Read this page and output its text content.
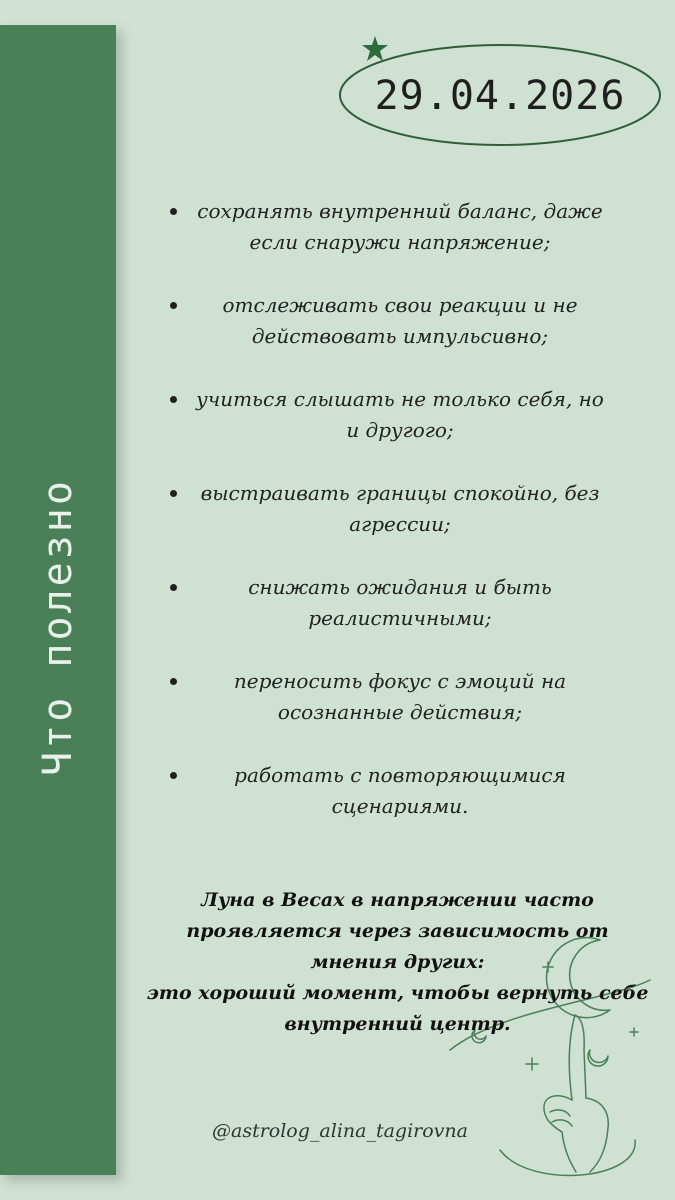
Что полезно
29.04.2026
сохранять внутренний баланс, даже если снаружи напряжение;
отслеживать свои реакции и не действовать импульсивно;
учиться слышать не только себя, но и другого;
выстраивать границы спокойно, без агрессии;
снижать ожидания и быть реалистичными;
переносить фокус с эмоций на осознанные действия;
работать с повторяющимися сценариями.
Луна в Весах в напряжении часто
проявляется через зависимость от
мнения других:
это хороший момент, чтобы вернуть себе
внутренний центр.
@astrolog_alina_tagirovna
